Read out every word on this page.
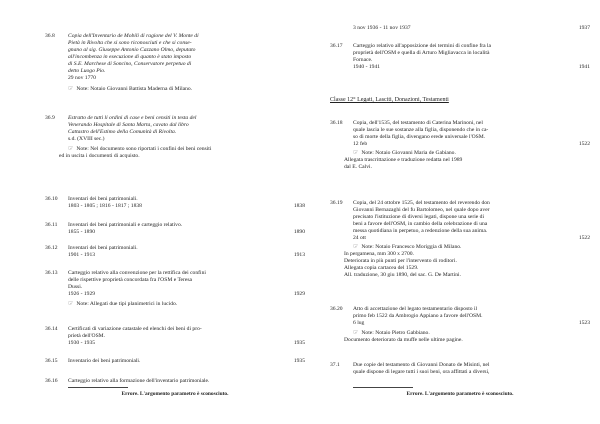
36.8	Copia dell'Inventario de Mobili di ragione del V. Monte di
Pietà in Rivolta che si sono riconosciuti e che si conse-
gnano al sig. Giuseppe Antonio Cazzano Olmo, deputato
all'incombenza in esecuzione di quanto è stato imposto
di S.E. Marchese di Soncino, Conservatore perpetuo di
detto Luogo Pio.
29 nov 1770
☞ Note: Notaio Giovanni Battista Maderna di Milano.
36.9	Estratto de tutti li ordini di case e beni censiti in testa del
Venerando Hospitale di Santa Marta, cavato dal libro
Cattastro dell'Estimo della Comunità di Rivolta.
s.d. (XVIII sec.)
☞ Note: Nel documento sono riportati i confini dei beni censiti
ed in uscita i documenti di acquisto.
36.10	Inventari dei beni patrimoniali.
1803 - 1805 ; 1816 - 1817 ; 1838	1838
36.11	Inventari dei beni patrimoniali e carteggio relativo.
1855 - 1890	1890
36.12	Inventari dei beni patrimoniali.
1901 - 1913	1913
36.13	Carteggio relativo alla convenzione per la rettifica dei confini
delle rispettive proprietà concordata fra l'OSM e Teresa
Dussi.
1926 - 1929	1929
☞ Note: Allegati due tipi planimetrici in lucido.
36.14	Certificati di variazione catastale ed elenchi dei beni di pro-
prietà dell'OSM.
1930 - 1935	1935
36.15	Inventario dei beni patrimoniali.	1935
36.16	Carteggio relativo alla formazione dell'inventario patrimoniale.
Errore. L'argomento parametro è sconosciuto.
3 nov 1936 - 11 nov 1937	1937
36.17	Carteggio relativo all'apposizione dei termini di confine fra la
proprietà dell'OSM e quella di Arturo Migliavacca in località
Fornace.
1940 - 1941	1941
Classe 12° Legati, Lasciti, Donazioni, Testamenti
36.18	Copia, dell'1535, del testamento di Caterina Marinoni, nel
quale lascia le sue sostanze alla figlia, disponendo che in ca-
so di morte della figlia, divengano erede universale l'OSM.
12 feb	1522
☞ Note: Notaio Giovanni Maria de Gabiano.
Allegata trascrittazione e traduzione redatta nel 1989
dal E. Calvi.
36.19	Copia, del 24 ottobre 1525, del testamento del reverendo don
Giovanni Bernazaghi del fu Bartolomeo, nel quale dopo aver
precisato l'istituzione di diversi legati, dispone una serie di
beni a favore dell'OSM, in cambio della celebrazione di una
messa quotidiana in perpetuo, a redenzione della sua anima.
24 ott	1522
☞ Note: Notaio Francesco Moriggia di Milano.
In pergamena, mm 300 x 2700.
Deteriorata in più punti per l'intervento di roditori.
Allegata copia cartacea del 1529.
All. traduzione, 30 giu 1890, del sac. G. De Martini.
36.20	Atto di accettazione del legato testamentario disposto il
primo feb 1522 da Ambrogio Appiano a favore dell'OSM.
6 lug	1523
☞ Note: Notaio Pietro Gabbiano.
Documento deteriorato da muffe nelle ultime pagine.
37.1	Due copie del testamento di Giovanni Donato de Misinti, nel
quale dispone di legare tutti i suoi beni, ora affittati a diversi,
Errore. L'argomento parametro è sconosciuto.
